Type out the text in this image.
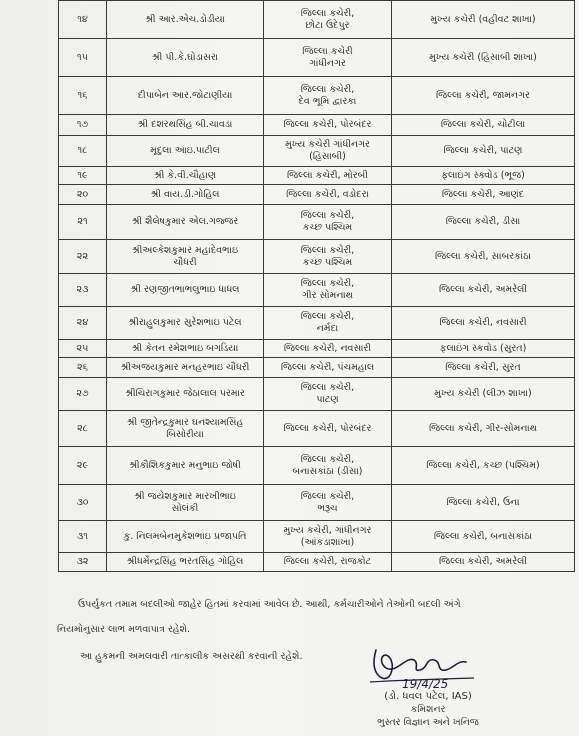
૧૪	શ્રી આર.એચ.ડોડીયા	જિલ્લા કચેરી,
છોટા ઉદેપુર	મુખ્ય કચેરી (વહીવટ શાખા)
૧૫	શ્રી પી.કે.ઘોડાસરા	જિલ્લા કચેરી
ગાંધીનગર	મુખ્ય કચેરી (હિસાબી શાખા)
૧૬	દીપાબેન આર.જોટાણીયા	જિલ્લા કચેરી,
દેવ ભૂમિ દ્વારકા	જિલ્લા કચેરી, જામનગર
૧૭	શ્રી દશરથસિંહ બી.ચાવડા	જિલ્લા કચેરી, પોરબંદર	જિલ્લા કચેરી, ચોટીલા
૧૮	મૃદુલા આઇ.પાટીલ	મુખ્ય કચેરી ગાંધીનગર
(હિસાબી)	જિલ્લા કચેરી, પાટણ
૧૯	શ્રી કે.વી.ચૌહાણ	જિલ્લા કચેરી, મોરબી	ફલાઇંગ સ્ક્વોડ (ભૂજ)
૨૦	શ્રી વાય.ડી.ગોહિલ	જિલ્લા કચેરી, વડોદરા	જિલ્લા કચેરી, આણંદ
૨૧	શ્રી શૈલેષકુમાર એલ.ગજ્જર	જિલ્લા કચેરી,
કચ્છ પશ્ચિમ	જિલ્લા કચેરી, ડીસા
૨૨	શ્રીઅલ્કેશકુમાર મહાદેવભાઇ
ચૌધરી	જિલ્લા કચેરી,
કચ્છ પશ્ચિમ	જિલ્લા કચેરી, સાબરકાંઠા
૨૩	શ્રી રણજીતભાભલુભાઇ ધાધલ	જિલ્લા કચેરી,
ગીર સોમનાથ	જિલ્લા કચેરી, અમરેલી
૨૪	શ્રીરાહુલકુમાર સુરેશભાઇ પટેલ	જિલ્લા કચેરી,
નર્મદા	જિલ્લા કચેરી, નવસારી
૨૫	શ્રી કેતન રમેશભાઇ બગડિયા	જિલ્લા કચેરી, નવસારી	ફલાઇંગ સ્કવોડ (સુરત)
૨૬	શ્રીઅજયકુમાર મનહરભાઇ ચૌધરી	જિલ્લા કચેરી, પંચમહાલ	જિલ્લા કચેરી, સુરત
૨૭	શ્રીચિરાગકુમાર જેઠાલાલ પરમાર	જિલ્લા કચેરી,
પાટણ	મુખ્ય કચેરી (લીઝ શાખા)
૨૮	શ્રી જીતેન્દ્રકુમાર ઘનશ્યામસિંહ
બિસોરીયા	જિલ્લા કચેરી, પોરબંદર	જિલ્લા કચેરી, ગીર-સોમનાથ
૨૯	શ્રીકૌશિકકુમાર મનુભાઇ જોષી	જિલ્લા કચેરી,
બનાસકાંઠા (ડીસા)	જિલ્લા કચેરી, કચ્છ (પશ્ચિમ)
૩૦	શ્રી જયેશકુમાર મારખીભાઇ
સોલંકી	જિલ્લા કચેરી,
ભરૂચ	જિલ્લા કચેરી, ઉના
૩૧	કુ. નિલમબેનમુકેશભાઇ પ્રજાપતિ	મુખ્ય કચેરી, ગાંધીનગર
(આંકડાશાખા)	જિલ્લા કચેરી, બનાસકાંઠા
૩૨	શ્રીધર્મેન્દ્રસિંહ ભરતસિંહ ગોહિલ	જિલ્લા કચેરી, રાજકોટ	જિલ્લા કચેરી, અમરેલી
ઉપર્યુકત તમામ બદલીઓ જાહેર હિતમાં કરવામાં આવેલ છે. આથી, કર્મચારીઓને તેઓની બદલી અંગે
નિયમોનુસાર લાભ મળવાપાત્ર રહેશે.
આ હુકમની અમલવારી તાત્કાલીક અસરથી કરવાની રહેશે.
19/4/25
(ડો. ધવલ પટેલ, IAS)
કમિશનર
ભુસ્તર વિજ્ઞાન અને ખનિજ
